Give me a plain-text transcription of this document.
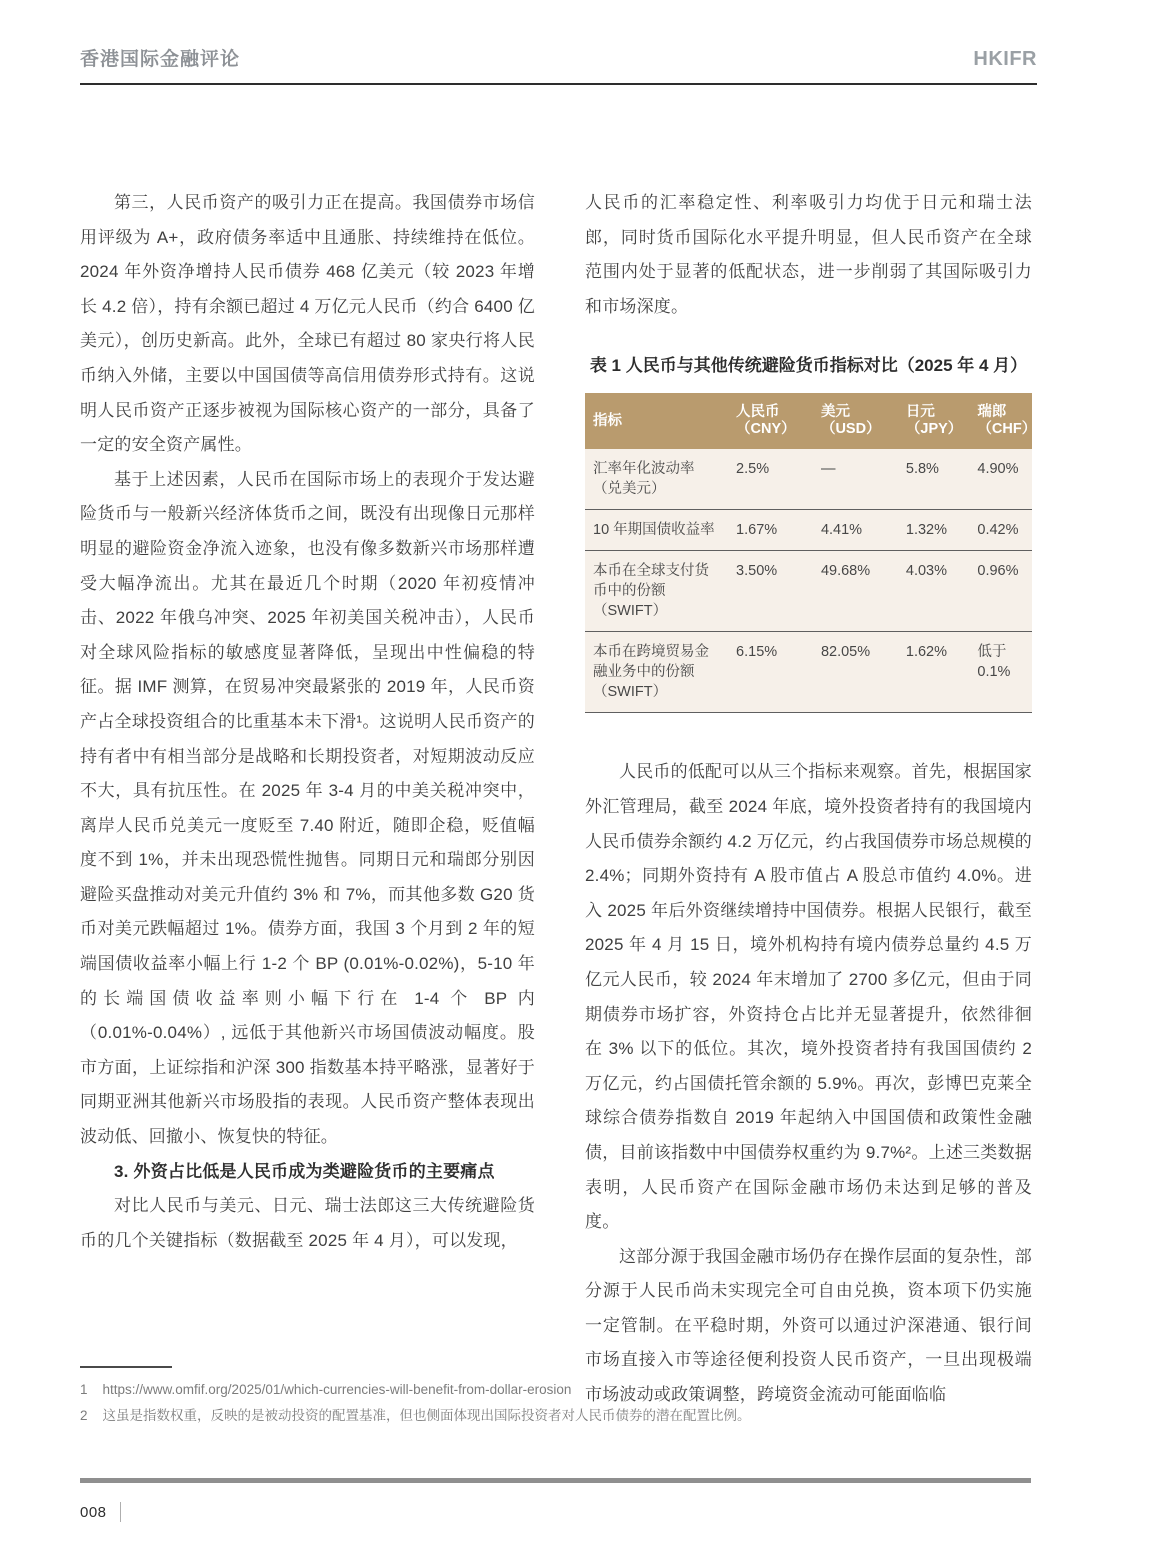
香港国际金融评论	HKIFR

第三，人民币资产的吸引力正在提高。我国债券市场信用评级为 A+，政府债务率适中且通胀、持续维持在低位。2024 年外资净增持人民币债券 468 亿美元（较 2023 年增长 4.2 倍），持有余额已超过 4 万亿元人民币（约合 6400 亿美元），创历史新高。此外，全球已有超过 80 家央行将人民币纳入外储，主要以中国国债等高信用债券形式持有。这说明人民币资产正逐步被视为国际核心资产的一部分，具备了一定的安全资产属性。

基于上述因素，人民币在国际市场上的表现介于发达避险货币与一般新兴经济体货币之间，既没有出现像日元那样明显的避险资金净流入迹象，也没有像多数新兴市场那样遭受大幅净流出。尤其在最近几个时期（2020 年初疫情冲击、2022 年俄乌冲突、2025 年初美国关税冲击），人民币对全球风险指标的敏感度显著降低，呈现出中性偏稳的特征。据 IMF 测算，在贸易冲突最紧张的 2019 年，人民币资产占全球投资组合的比重基本未下滑¹。这说明人民币资产的持有者中有相当部分是战略和长期投资者，对短期波动反应不大，具有抗压性。在 2025 年 3-4 月的中美关税冲突中，离岸人民币兑美元一度贬至 7.40 附近，随即企稳，贬值幅度不到 1%，并未出现恐慌性抛售。同期日元和瑞郎分别因避险买盘推动对美元升值约 3% 和 7%，而其他多数 G20 货币对美元跌幅超过 1%。债券方面，我国 3 个月到 2 年的短端国债收益率小幅上行 1-2 个 BP (0.01%-0.02%)，5-10 年的长端国债收益率则小幅下行在 1-4 个 BP 内（0.01%-0.04%）, 远低于其他新兴市场国债波动幅度。股市方面，上证综指和沪深 300 指数基本持平略涨，显著好于同期亚洲其他新兴市场股指的表现。人民币资产整体表现出波动低、回撤小、恢复快的特征。

3. 外资占比低是人民币成为类避险货币的主要痛点

对比人民币与美元、日元、瑞士法郎这三大传统避险货币的几个关键指标（数据截至 2025 年 4 月），可以发现，

人民币的汇率稳定性、利率吸引力均优于日元和瑞士法郎，同时货币国际化水平提升明显，但人民币资产在全球范围内处于显著的低配状态，进一步削弱了其国际吸引力和市场深度。

表 1 人民币与其他传统避险货币指标对比（2025 年 4 月）
指标	人民币（CNY）	美元（USD）	日元（JPY）	瑞郎（CHF）
汇率年化波动率（兑美元）	2.5%	—	5.8%	4.90%
10 年期国债收益率	1.67%	4.41%	1.32%	0.42%
本币在全球支付货币中的份额（SWIFT）	3.50%	49.68%	4.03%	0.96%
本币在跨境贸易金融业务中的份额（SWIFT）	6.15%	82.05%	1.62%	低于 0.1%

人民币的低配可以从三个指标来观察。首先，根据国家外汇管理局，截至 2024 年底，境外投资者持有的我国境内人民币债券余额约 4.2 万亿元，约占我国债券市场总规模的 2.4%；同期外资持有 A 股市值占 A 股总市值约 4.0%。进入 2025 年后外资继续增持中国债券。根据人民银行，截至 2025 年 4 月 15 日，境外机构持有境内债券总量约 4.5 万亿元人民币，较 2024 年末增加了 2700 多亿元，但由于同期债券市场扩容，外资持仓占比并无显著提升，依然徘徊在 3% 以下的低位。其次，境外投资者持有我国国债约 2 万亿元，约占国债托管余额的 5.9%。再次，彭博巴克莱全球综合债券指数自 2019 年起纳入中国国债和政策性金融债，目前该指数中中国债券权重约为 9.7%²。上述三类数据表明，人民币资产在国际金融市场仍未达到足够的普及度。

这部分源于我国金融市场仍存在操作层面的复杂性，部分源于人民币尚未实现完全可自由兑换，资本项下仍实施一定管制。在平稳时期，外资可以通过沪深港通、银行间市场直接入市等途径便利投资人民币资产，一旦出现极端市场波动或政策调整，跨境资金流动可能面临临

1 https://www.omfif.org/2025/01/which-currencies-will-benefit-from-dollar-erosion
2 这虽是指数权重，反映的是被动投资的配置基准，但也侧面体现出国际投资者对人民币债券的潜在配置比例。
008
